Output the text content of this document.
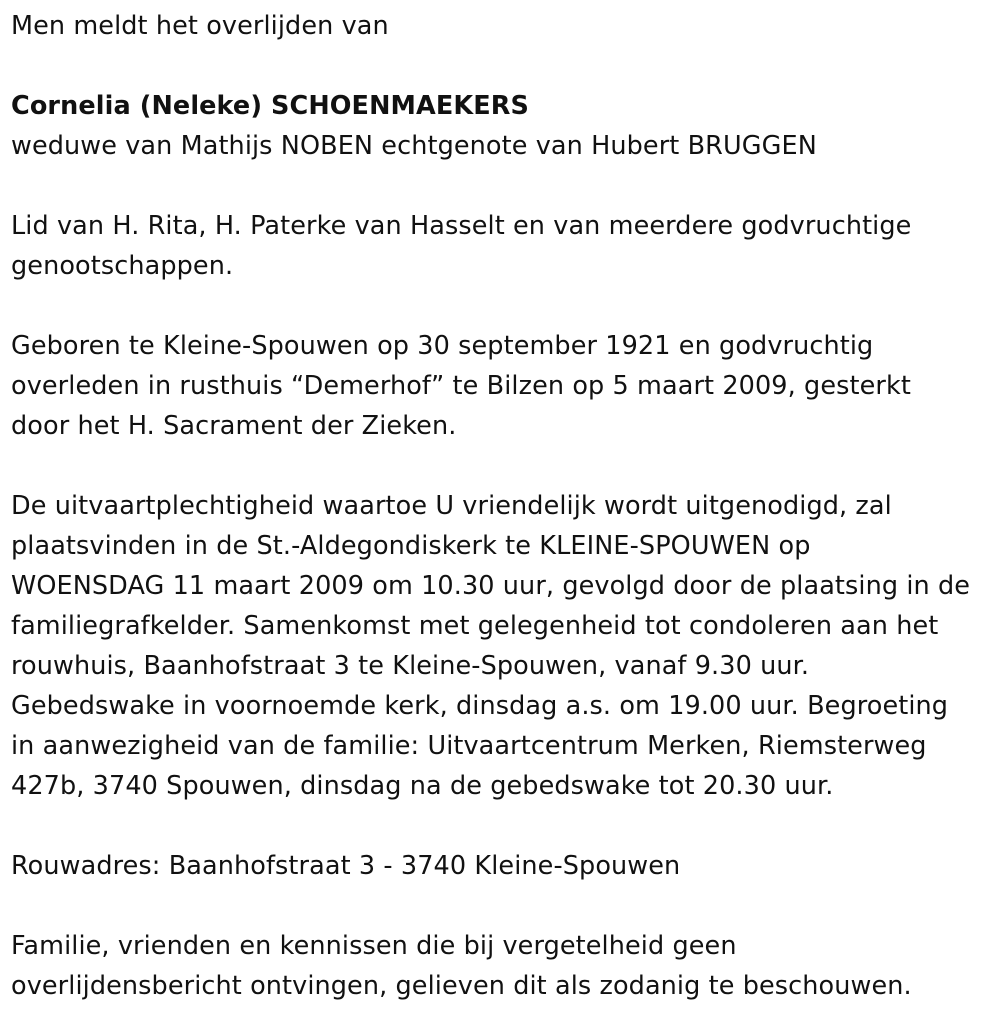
Men meldt het overlijden van

Cornelia (Neleke) SCHOENMAEKERS

weduwe van Mathijs NOBEN echtgenote van Hubert BRUGGEN

Lid van H. Rita, H. Paterke van Hasselt en van meerdere godvruchtige
genootschappen.

Geboren te Kleine-Spouwen op 30 september 1921 en godvruchtig
overleden in rusthuis “Demerhof” te Bilzen op 5 maart 2009, gesterkt
door het H. Sacrament der Zieken.

De uitvaartplechtigheid waartoe U vriendelijk wordt uitgenodigd, zal
plaatsvinden in de St.-Aldegondiskerk te KLEINE-SPOUWEN op
WOENSDAG 11 maart 2009 om 10.30 uur, gevolgd door de plaatsing in de
familiegrafkelder. Samenkomst met gelegenheid tot condoleren aan het
rouwhuis, Baanhofstraat 3 te Kleine-Spouwen, vanaf 9.30 uur.
Gebedswake in voornoemde kerk, dinsdag a.s. om 19.00 uur. Begroeting
in aanwezigheid van de familie: Uitvaartcentrum Merken, Riemsterweg
427b, 3740 Spouwen, dinsdag na de gebedswake tot 20.30 uur.

Rouwadres: Baanhofstraat 3 - 3740 Kleine-Spouwen

Familie, vrienden en kennissen die bij vergetelheid geen
overlijdensbericht ontvingen, gelieven dit als zodanig te beschouwen.
